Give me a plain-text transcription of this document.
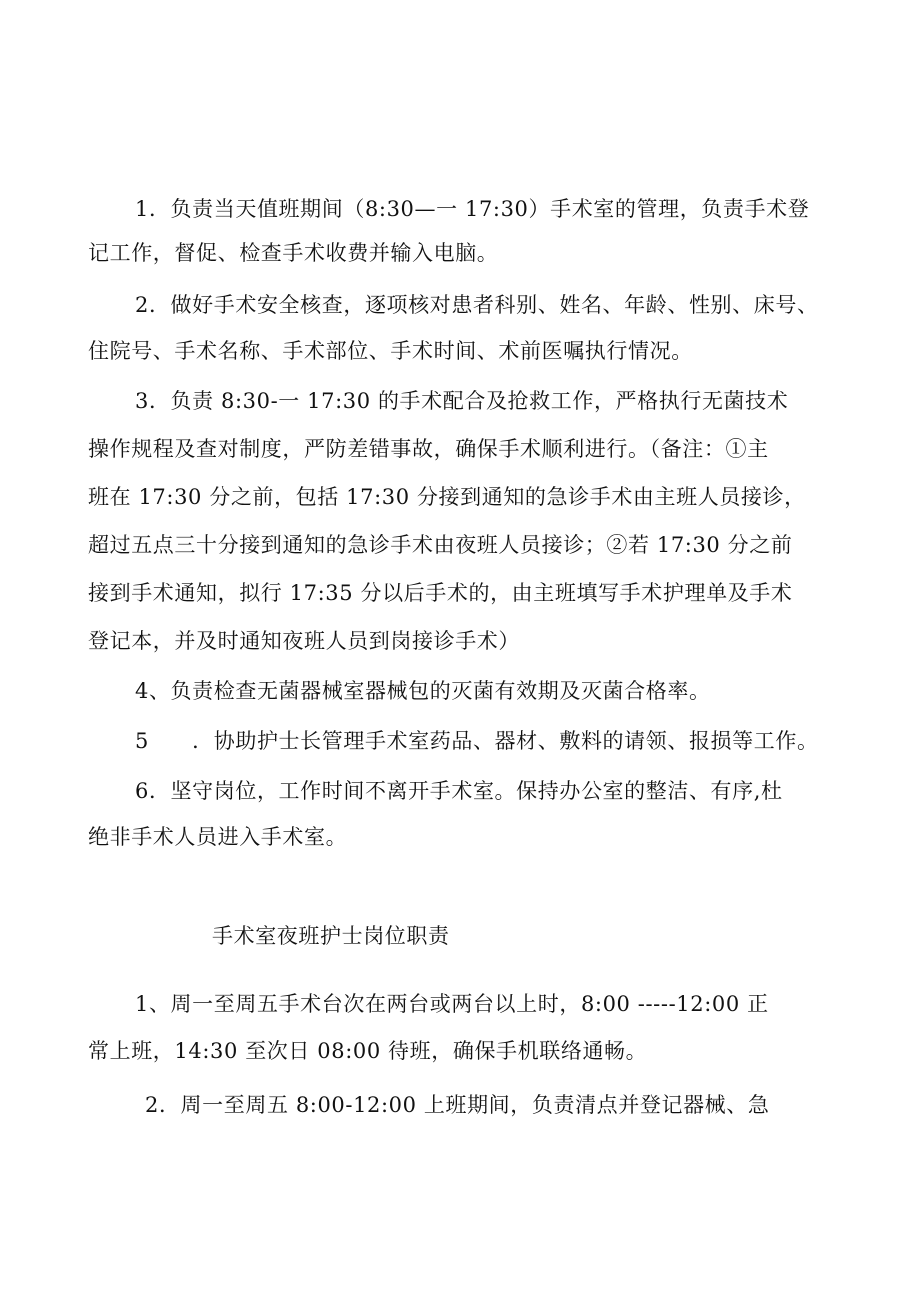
1．负责当天值班期间（8:30—一 17:30）手术室的管理，负责手术登
记工作，督促、检查手术收费并输入电脑。
2．做好手术安全核查，逐项核对患者科别、姓名、年龄、性别、床号、
住院号、手术名称、手术部位、手术时间、术前医嘱执行情况。
3．负责 8:30-一 17:30 的手术配合及抢救工作，严格执行无菌技术
操作规程及查对制度，严防差错事故，确保手术顺利进行。（备注：①主
班在 17:30 分之前，包括 17:30 分接到通知的急诊手术由主班人员接诊，
超过五点三十分接到通知的急诊手术由夜班人员接诊；②若 17:30 分之前
接到手术通知，拟行 17:35 分以后手术的，由主班填写手术护理单及手术
登记本，并及时通知夜班人员到岗接诊手术）
4、负责检查无菌器械室器械包的灭菌有效期及灭菌合格率。
5　　．协助护士长管理手术室药品、器材、敷料的请领、报损等工作。
6．坚守岗位，工作时间不离开手术室。保持办公室的整洁、有序,杜
绝非手术人员进入手术室。
手术室夜班护士岗位职责
1、周一至周五手术台次在两台或两台以上时，8:00 -----12:00 正
常上班，14:30 至次日 08:00 待班，确保手机联络通畅。
2．周一至周五 8:00-12:00 上班期间，负责清点并登记器械、急
